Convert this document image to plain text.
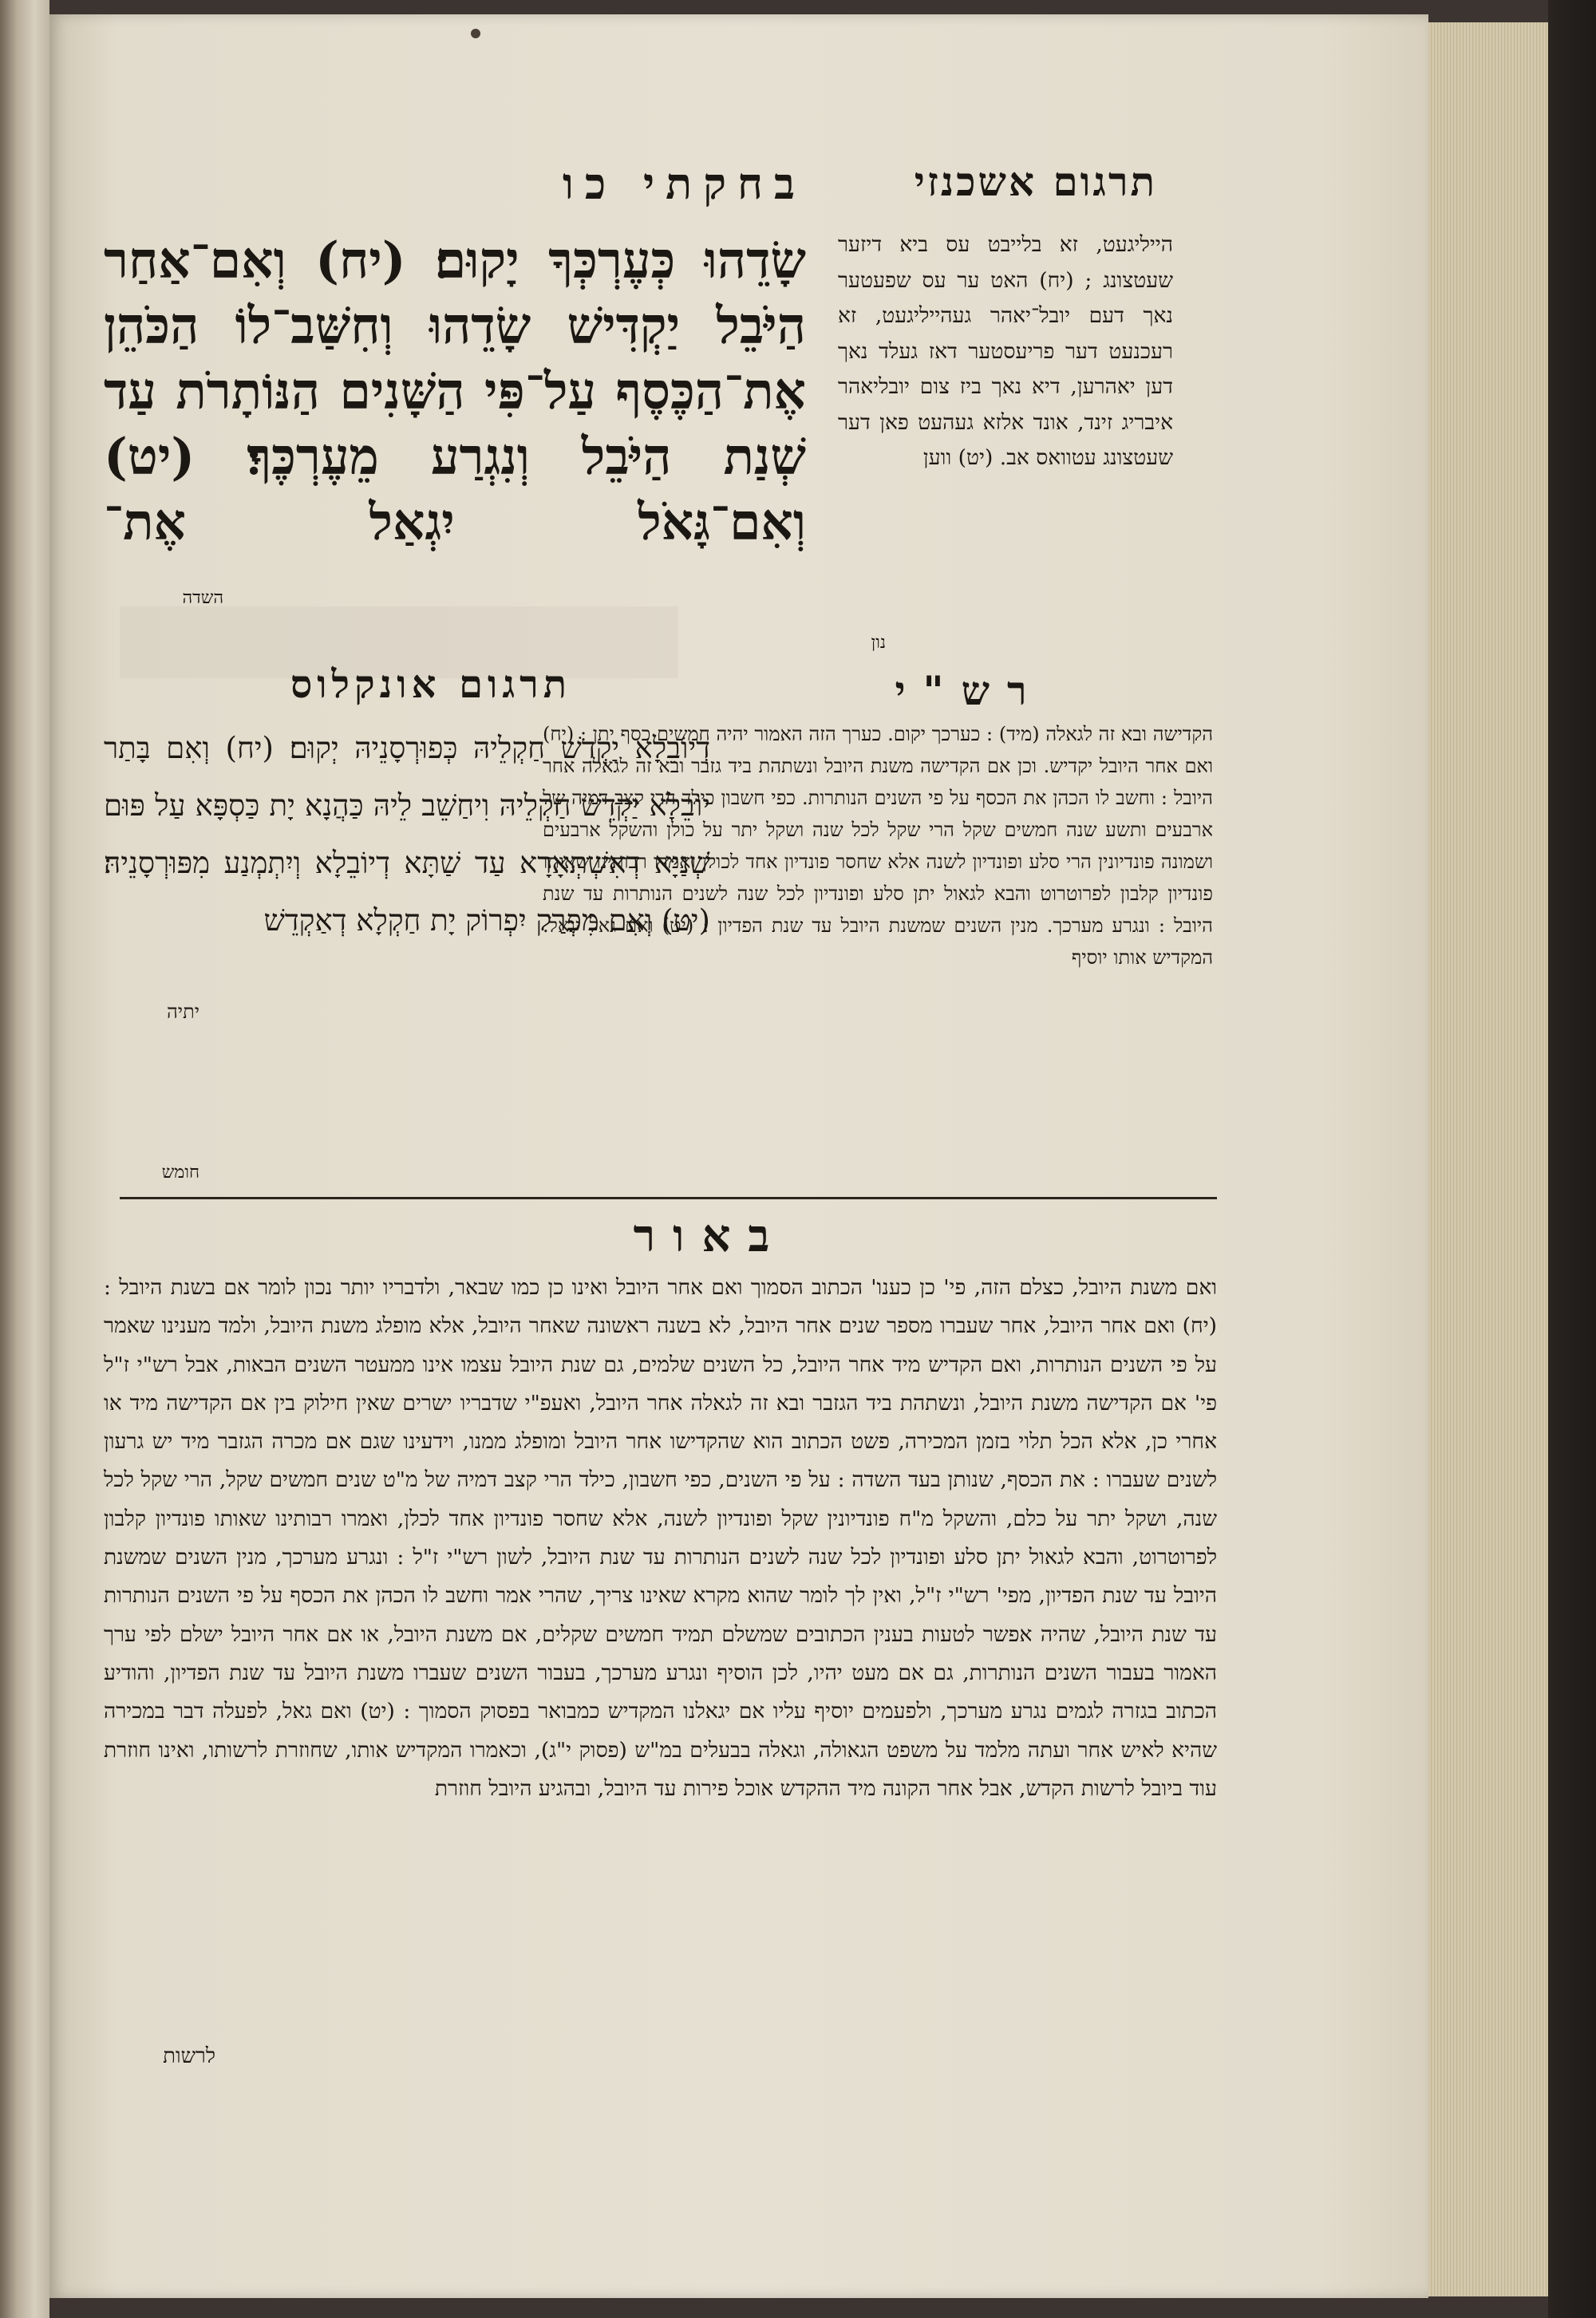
תרגום אשכנזי
בחקתי כו

שָׂדֵהוּ כְּעֶרְכְּךָ יָקוּם׃ (יח) וְאִם־אַחַר הַיֹּבֵל יַקְדִּישׁ שָׂדֵהוּ וְחִשַּׁב־לוֹ הַכֹּהֵן אֶת־הַכֶּסֶף עַל־פִּי הַשָּׁנִים הַנּוֹתָרֹת עַד שְׁנַת הַיֹּבֵל וְנִגְרַע מֵעֶרְכֶּךָ׃ (יט) וְאִם־גָּאֹל יִגְאַל אֶת־

השדה

הייליגעט, זא בלייבט עס ביא דיזער שעטצונג ; (יח) האט ער עס שפעטער נאך דעם יובל־יאהר געהייליגעט, זא רעכנעט דער פריעסטער דאז געלד נאך דען יאהרען, דיא נאך ביז צום יובליאהר איבריג זינד, אונד אלזא געהעט פאן דער שעטצונג עטוואס אב. (יט) ווען

נון
רש"י

הקדישה ובא זה לגאלה (מיד) : כערכך יקום. כערך הזה האמור יהיה חמשים כסף יתן : (יח) ואם אחר היובל יקדיש. וכן אם הקדישה משנת היובל ונשתהת ביד גזבר ובא זה לגאלה אחר היובל : וחשב לו הכהן את הכסף על פי השנים הנותרות. כפי חשבון כילד הרי קצב דמיה של ארבעים ותשע שנה חמשים שקל הרי שקל לכל שנה ושקל יתר על כולן והשקל ארבעים ושמונה פונדיונין הרי סלע ופונדיון לשנה אלא שחסר פונדיון אחד לכולן ואמרו רבותינו שאותו פונדיון קלבון לפרוטרוט והבא לגאול יתן סלע ופונדיון לכל שנה לשנים הנותרות עד שנת היובל : ונגרע מערכך. מנין השנים שמשנת היובל עד שנת הפדיון : (יט) ואם גאל יגאל. המקדיש אותו יוסיף

חומש
תרגום אונקלוס

דְיוֹבֵלָא יַקְדֵשׁ חַקְלֵיהּ כְּפוּרְסָנֵיהּ יְקוּם׃ (יח) וְאִם בָּתַר יוֹבֵלָא יַקְדֵשׁ חַקְלֵיהּ וִיחַשֵׁב לֵיהּ כַּהֲנָא יָת כַּסְפָּא עַל פּוּם שְׁנַיָּא דְאִשְׁתְּאָרָא עַד שַׁתָּא דְיוֹבֵלָא וְיִתְמְנַע מִפּוּרְסָנֵיהּ׃ (יט) וְאִם מִפְרַק יִפְרוֹק יָת חַקְלָא דְאַקְדֵשׁ

יתיה
באור

ואם משנת היובל, כצלם הזה, פי' כן כענו' הכתוב הסמוך ואם אחר היובל ואינו כן כמו שבאר, ולדבריו יותר נכון לומר אם בשנת היובל : (יח) ואם אחר היובל, אחר שעברו מספר שנים אחר היובל, לא בשנה ראשונה שאחר היובל, אלא מופלג משנת היובל, ולמד מענינו שאמר על פי השנים הנותרות, ואם הקדיש מיד אחר היובל, כל השנים שלמים, גם שנת היובל עצמו אינו ממעטר השנים הבאות, אבל רש"י ז"ל פי' אם הקדישה משנת היובל, ונשתהת ביד הגזבר ובא זה לגאלה אחר היובל, ואעפ"י שדבריו ישרים שאין חילוק בין אם הקדישה מיד או אחרי כן, אלא הכל תלוי בזמן המכירה, פשט הכתוב הוא שהקדישו אחר היובל ומופלג ממנו, וידעינו שגם אם מכרה הגזבר מיד יש גרעון לשנים שעברו : את הכסף, שנותן בעד השדה : על פי השנים, כפי חשבון, כילד הרי קצב דמיה של מ"ט שנים חמשים שקל, הרי שקל לכל שנה, ושקל יתר על כלם, והשקל מ"ח פונדיונין שקל ופונדיון לשנה, אלא שחסר פונדיון אחד לכלן, ואמרו רבותינו שאותו פונדיון קלבון לפרוטרוט, והבא לגאול יתן סלע ופונדיון לכל שנה לשנים הנותרות עד שנת היובל, לשון רש"י ז"ל : ונגרע מערכך, מנין השנים שמשנת היובל עד שנת הפדיון, מפי' רש"י ז"ל, ואין לך לומר שהוא מקרא שאינו צריך, שהרי אמר וחשב לו הכהן את הכסף על פי השנים הנותרות עד שנת היובל, שהיה אפשר לטעות בענין הכתובים שמשלם תמיד חמשים שקלים, אם משנת היובל, או אם אחר היובל ישלם לפי ערך האמור בעבור השנים הנותרות, גם אם מעט יהיו, לכן הוסיף ונגרע מערכך, בעבור השנים שעברו משנת היובל עד שנת הפדיון, והודיע הכתוב בגזרה לגמים נגרע מערכך, ולפעמים יוסיף עליו אם יגאלנו המקדיש כמבואר בפסוק הסמוך : (יט) ואם גאל, לפעלה דבר במכירה שהיא לאיש אחר ועתה מלמד על משפט הגאולה, וגאלה בבעלים במ"ש (פסוק י"ג), וכאמרו המקדיש אותו, שחוזרת לרשותו, ואינו חוזרת עוד ביובל לרשות הקדש, אבל אחר הקונה מיד ההקדש אוכל פירות עד היובל, ובהגיע היובל חוזרת

לרשות
